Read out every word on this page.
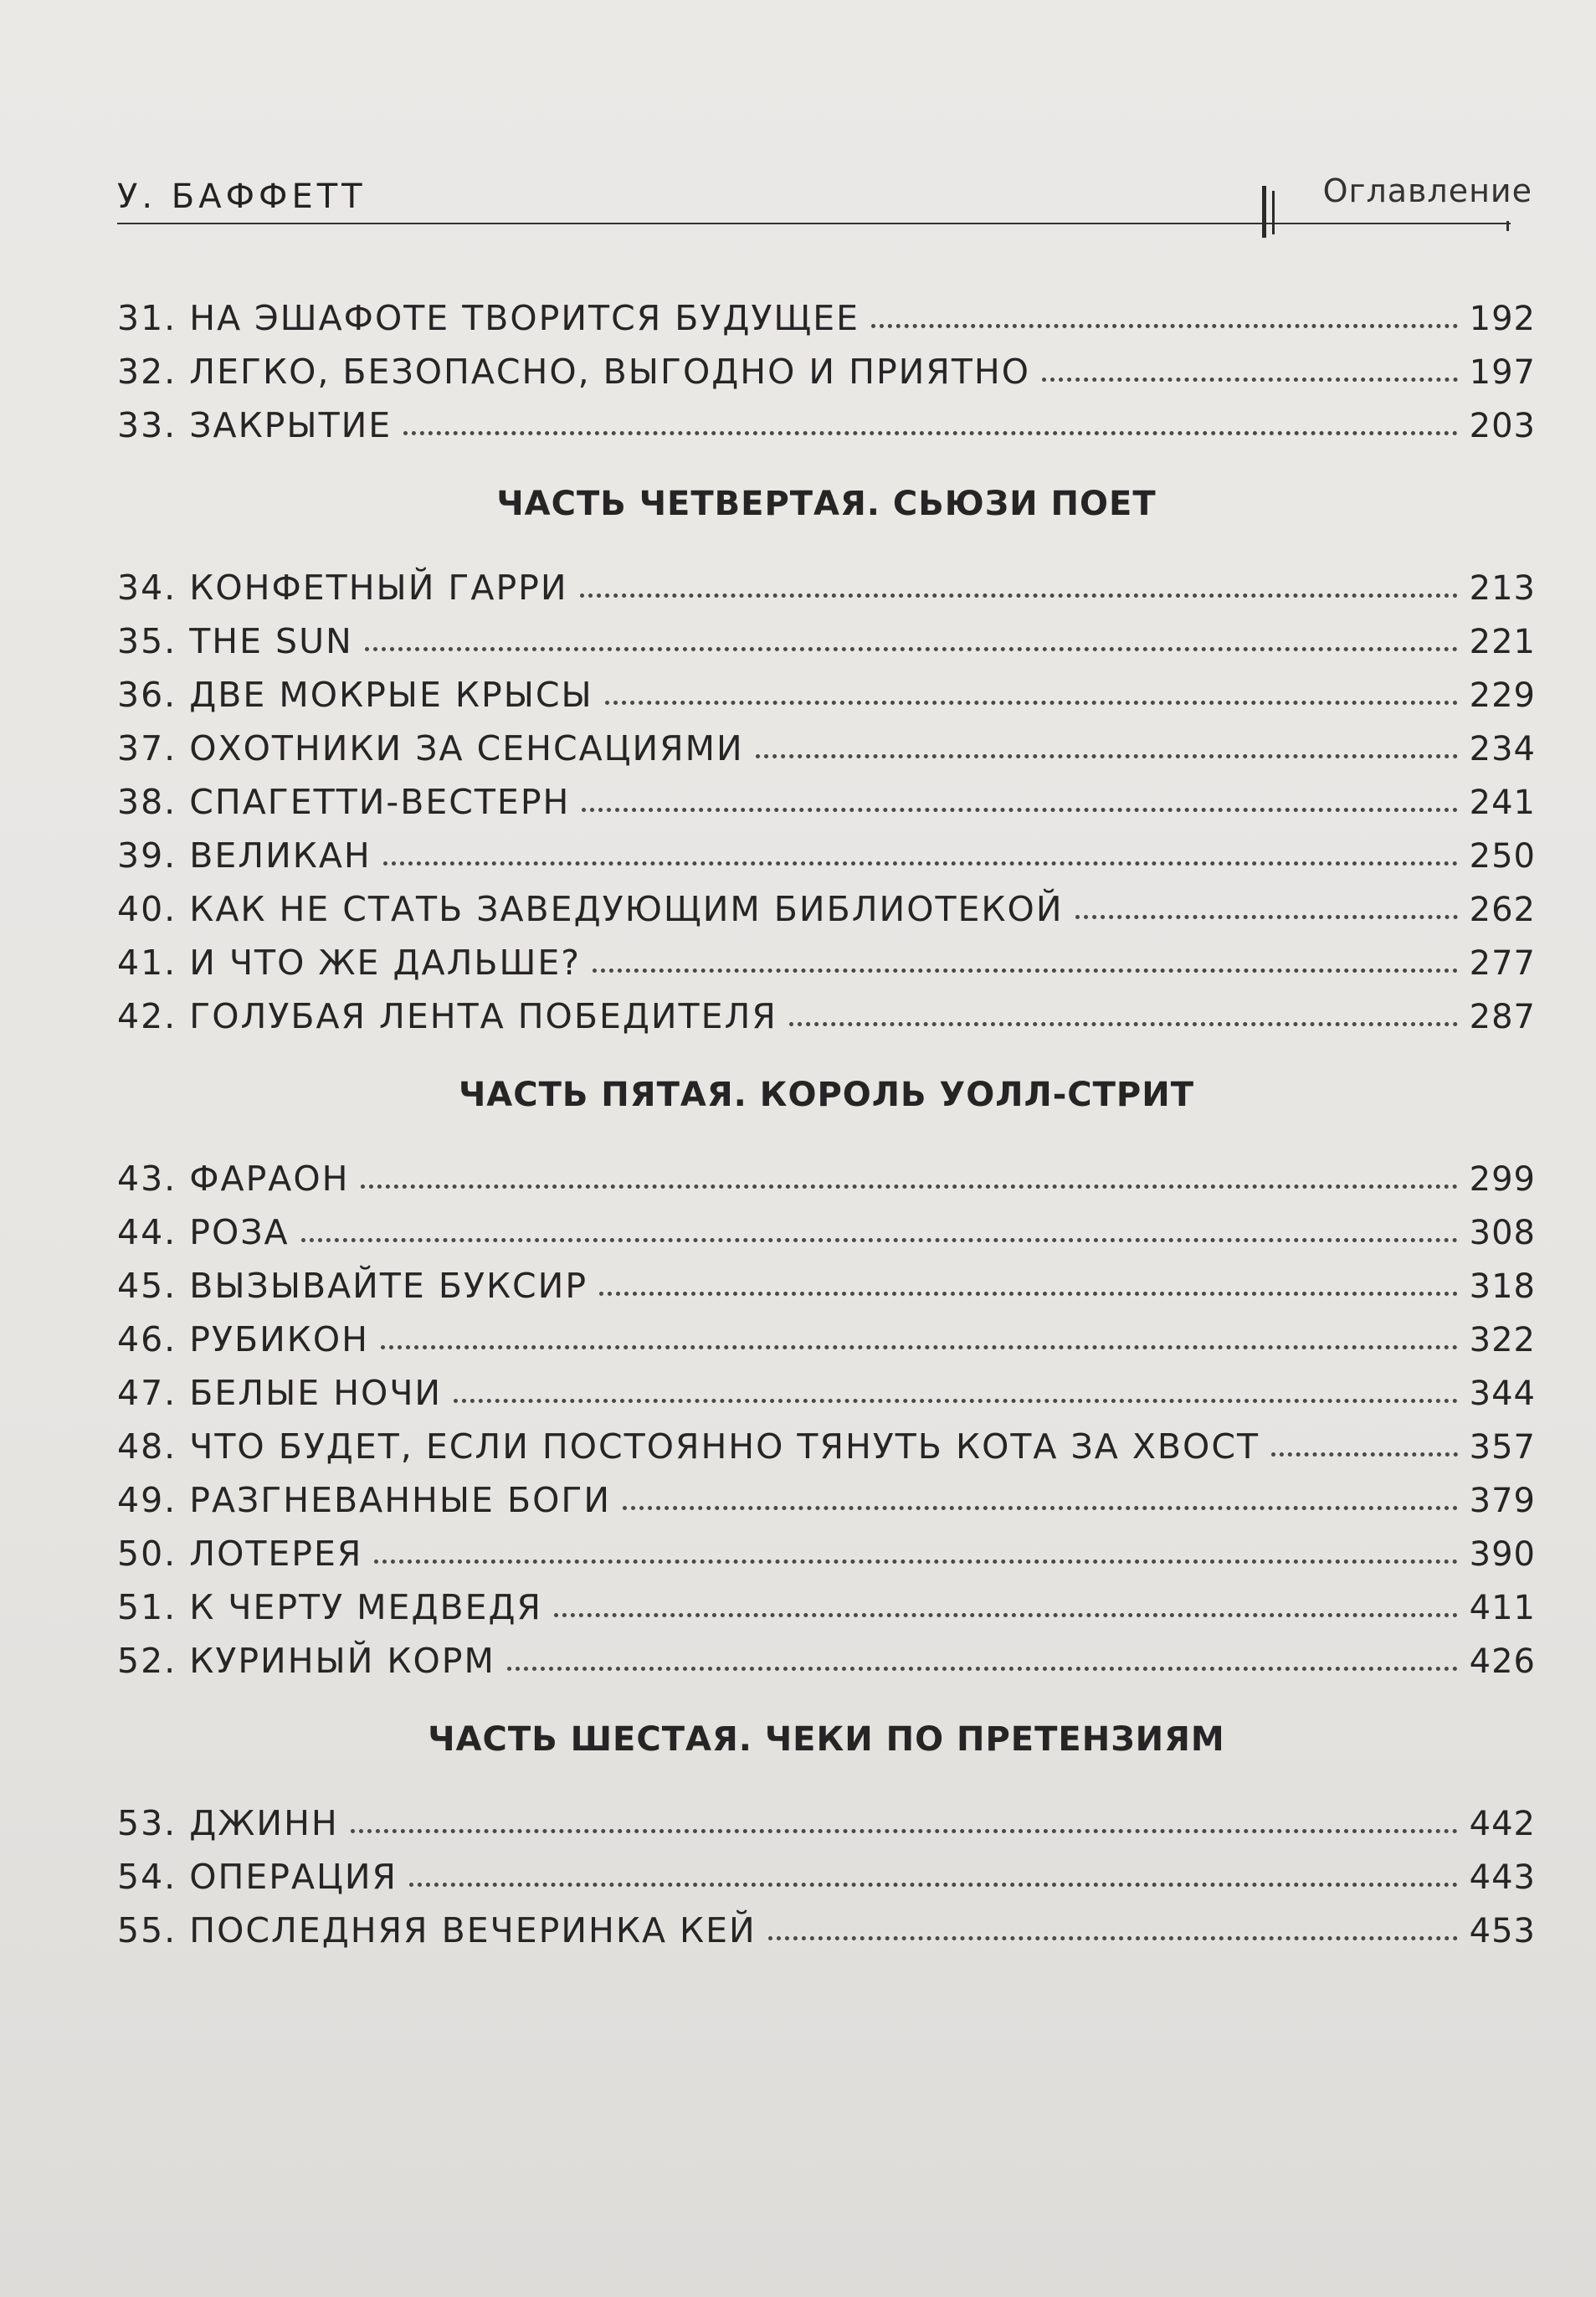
У. БАФФЕТТ	Оглавление
31. НА ЭШАФОТЕ ТВОРИТСЯ БУДУЩЕЕ	192
32. ЛЕГКО, БЕЗОПАСНО, ВЫГОДНО И ПРИЯТНО	197
33. ЗАКРЫТИЕ	203
ЧАСТЬ ЧЕТВЕРТАЯ. СЬЮЗИ ПОЕТ
34. КОНФЕТНЫЙ ГАРРИ	213
35. THE SUN	221
36. ДВЕ МОКРЫЕ КРЫСЫ	229
37. ОХОТНИКИ ЗА СЕНСАЦИЯМИ	234
38. СПАГЕТТИ-ВЕСТЕРН	241
39. ВЕЛИКАН	250
40. КАК НЕ СТАТЬ ЗАВЕДУЮЩИМ БИБЛИОТЕКОЙ	262
41. И ЧТО ЖЕ ДАЛЬШЕ?	277
42. ГОЛУБАЯ ЛЕНТА ПОБЕДИТЕЛЯ	287
ЧАСТЬ ПЯТАЯ. КОРОЛЬ УОЛЛ-СТРИТ
43. ФАРАОН	299
44. РОЗА	308
45. ВЫЗЫВАЙТЕ БУКСИР	318
46. РУБИКОН	322
47. БЕЛЫЕ НОЧИ	344
48. ЧТО БУДЕТ, ЕСЛИ ПОСТОЯННО ТЯНУТЬ КОТА ЗА ХВОСТ	357
49. РАЗГНЕВАННЫЕ БОГИ	379
50. ЛОТЕРЕЯ	390
51. К ЧЕРТУ МЕДВЕДЯ	411
52. КУРИНЫЙ КОРМ	426
ЧАСТЬ ШЕСТАЯ. ЧЕКИ ПО ПРЕТЕНЗИЯМ
53. ДЖИНН	442
54. ОПЕРАЦИЯ	443
55. ПОСЛЕДНЯЯ ВЕЧЕРИНКА КЕЙ	453
